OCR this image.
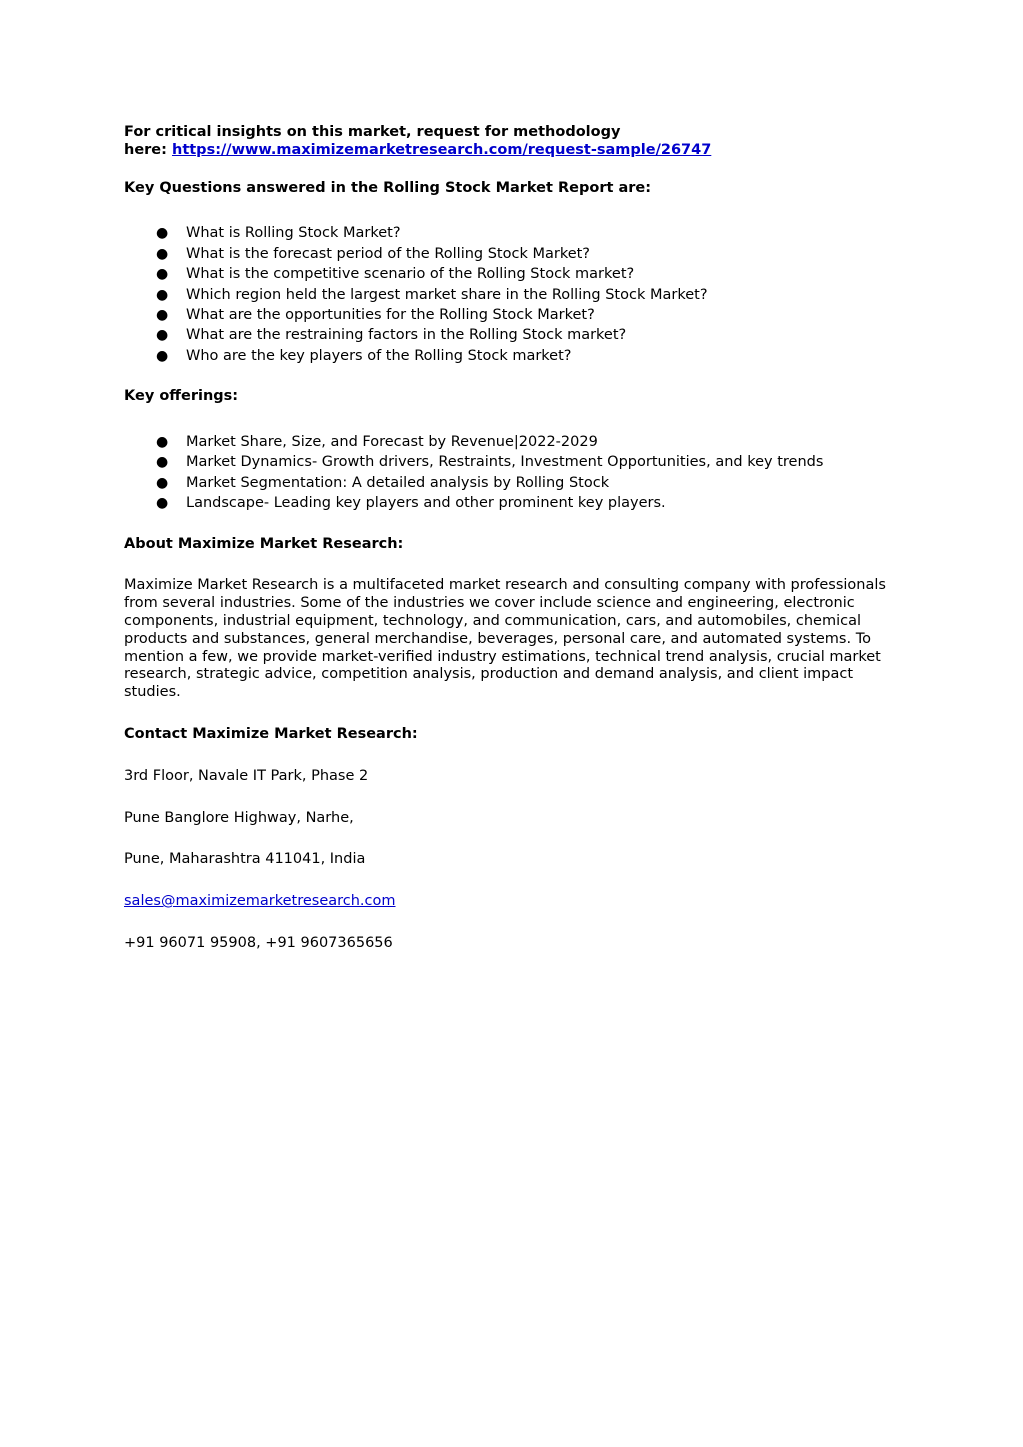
For critical insights on this market, request for methodology

here: https://www.maximizemarketresearch.com/request-sample/26747

Key Questions answered in the Rolling Stock Market Report are:

● What is Rolling Stock Market?
● What is the forecast period of the Rolling Stock Market?
● What is the competitive scenario of the Rolling Stock market?
● Which region held the largest market share in the Rolling Stock Market?
● What are the opportunities for the Rolling Stock Market?
● What are the restraining factors in the Rolling Stock market?
● Who are the key players of the Rolling Stock market?

Key offerings:

● Market Share, Size, and Forecast by Revenue|2022-2029
● Market Dynamics- Growth drivers, Restraints, Investment Opportunities, and key trends
● Market Segmentation: A detailed analysis by Rolling Stock
● Landscape- Leading key players and other prominent key players.

About Maximize Market Research:

Maximize Market Research is a multifaceted market research and consulting company with professionals

from several industries. Some of the industries we cover include science and engineering, electronic

components, industrial equipment, technology, and communication, cars, and automobiles, chemical

products and substances, general merchandise, beverages, personal care, and automated systems. To

mention a few, we provide market-verified industry estimations, technical trend analysis, crucial market

research, strategic advice, competition analysis, production and demand analysis, and client impact

studies.

Contact Maximize Market Research:

3rd Floor, Navale IT Park, Phase 2

Pune Banglore Highway, Narhe,

Pune, Maharashtra 411041, India

sales@maximizemarketresearch.com

+91 96071 95908, +91 9607365656
